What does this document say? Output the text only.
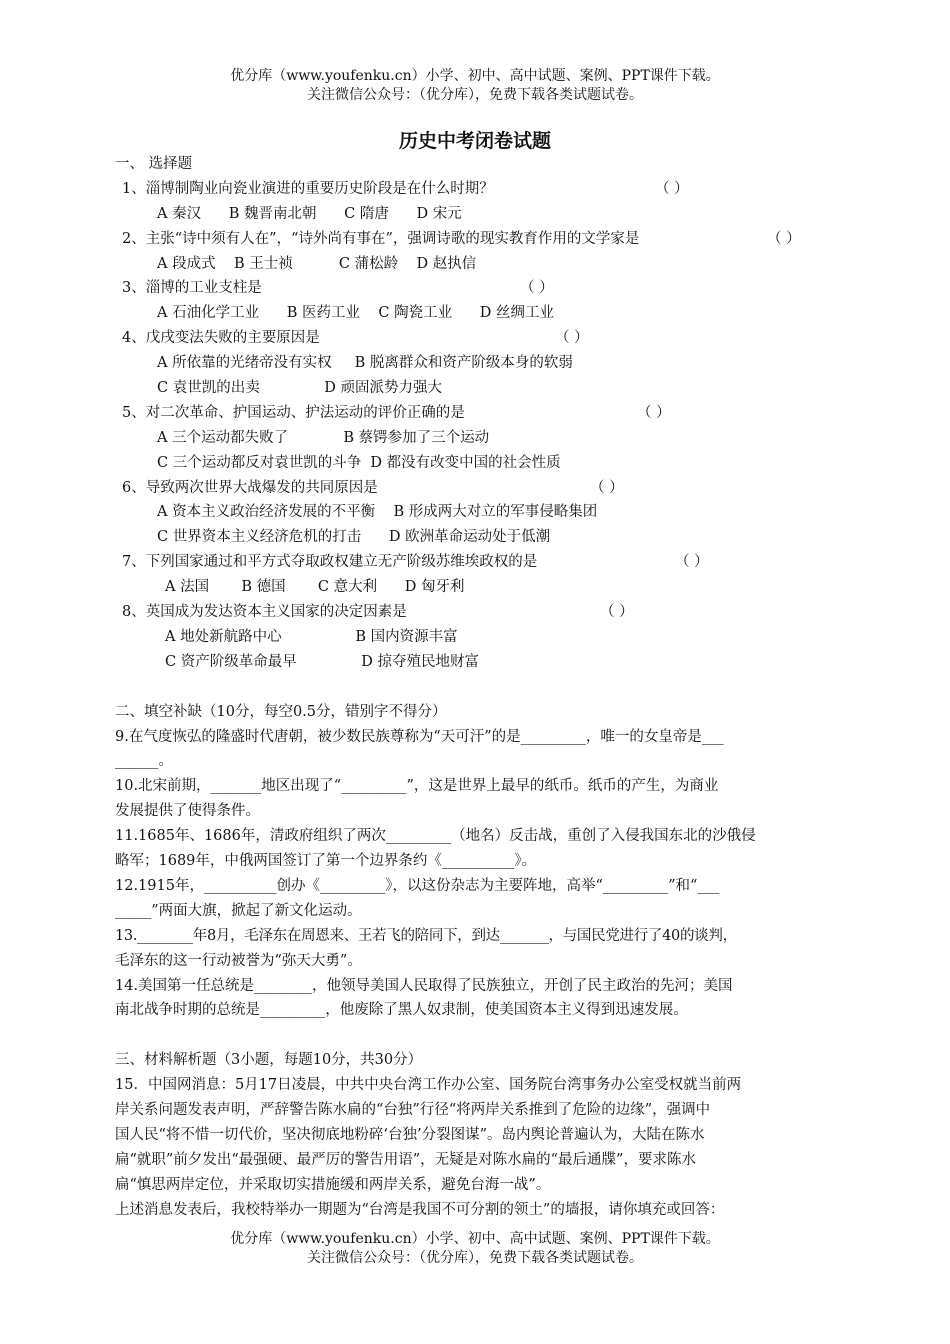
优分库（www.youfenku.cn）小学、初中、高中试题、案例、PPT课件下载。
关注微信公众号：（优分库），免费下载各类试题试卷。
历史中考闭卷试题
一、 选择题
1、淄博制陶业向瓷业演进的重要历史阶段是在什么时期？	（ ）
A 秦汉      B 魏晋南北朝      C 隋唐      D 宋元
2、主张“诗中须有人在”，“诗外尚有事在”，强调诗歌的现实教育作用的文学家是	（ ）
A 段成式    B 王士祯          C 蒲松龄    D 赵执信
3、淄博的工业支柱是	（ ）
A 石油化学工业      B 医药工业    C 陶瓷工业      D 丝绸工业
4、戊戌变法失败的主要原因是	（ ）
A 所依靠的光绪帝没有实权     B 脱离群众和资产阶级本身的软弱
C 袁世凯的出卖              D 顽固派势力强大
5、对二次革命、护国运动、护法运动的评价正确的是	（ ）
A 三个运动都失败了            B 蔡锷参加了三个运动
C 三个运动都反对袁世凯的斗争  D 都没有改变中国的社会性质
6、导致两次世界大战爆发的共同原因是	（ ）
A 资本主义政治经济发展的不平衡    B 形成两大对立的军事侵略集团
C 世界资本主义经济危机的打击      D 欧洲革命运动处于低潮
7、下列国家通过和平方式夺取政权建立无产阶级苏维埃政权的是	（ ）
A 法国       B 德国       C 意大利      D 匈牙利
8、英国成为发达资本主义国家的决定因素是	（ ）
A 地处新航路中心                B 国内资源丰富
C 资产阶级革命最早              D 掠夺殖民地财富
二、填空补缺（10分，每空0.5分，错别字不得分）
9.在气度恢弘的隆盛时代唐朝，被少数民族尊称为“天可汗”的是_________，唯一的女皇帝是___
______。
10.北宋前期，_______地区出现了“_________”，这是世界上最早的纸币。纸币的产生，为商业
发展提供了使得条件。
11.1685年、1686年，清政府组织了两次_________（地名）反击战，重创了入侵我国东北的沙俄侵
略军；1689年，中俄两国签订了第一个边界条约《__________》。
12.1915年，__________创办《_________》，以这份杂志为主要阵地，高举“_________”和“___
_____”两面大旗，掀起了新文化运动。
13.________年8月，毛泽东在周恩来、王若飞的陪同下，到达_______，与国民党进行了40的谈判，
毛泽东的这一行动被誉为“弥天大勇”。
14.美国第一任总统是________，他领导美国人民取得了民族独立，开创了民主政治的先河；美国
南北战争时期的总统是_________，他废除了黑人奴隶制，使美国资本主义得到迅速发展。
三、材料解析题（3小题，每题10分，共30分）
15．中国网消息：5月17日凌晨，中共中央台湾工作办公室、国务院台湾事务办公室受权就当前两
岸关系问题发表声明，严辞警告陈水扁的“台独”行径“将两岸关系推到了危险的边缘”，强调中
国人民“将不惜一切代价，坚决彻底地粉碎‘台独’分裂图谋”。岛内舆论普遍认为，大陆在陈水
扁“就职”前夕发出“最强硬、最严厉的警告用语”，无疑是对陈水扁的“最后通牒”，要求陈水
扁“慎思两岸定位，并采取切实措施缓和两岸关系，避免台海一战”。
上述消息发表后，我校特举办一期题为“台湾是我国不可分割的领土”的墙报，请你填充或回答：
优分库（www.youfenku.cn）小学、初中、高中试题、案例、PPT课件下载。
关注微信公众号：（优分库），免费下载各类试题试卷。
